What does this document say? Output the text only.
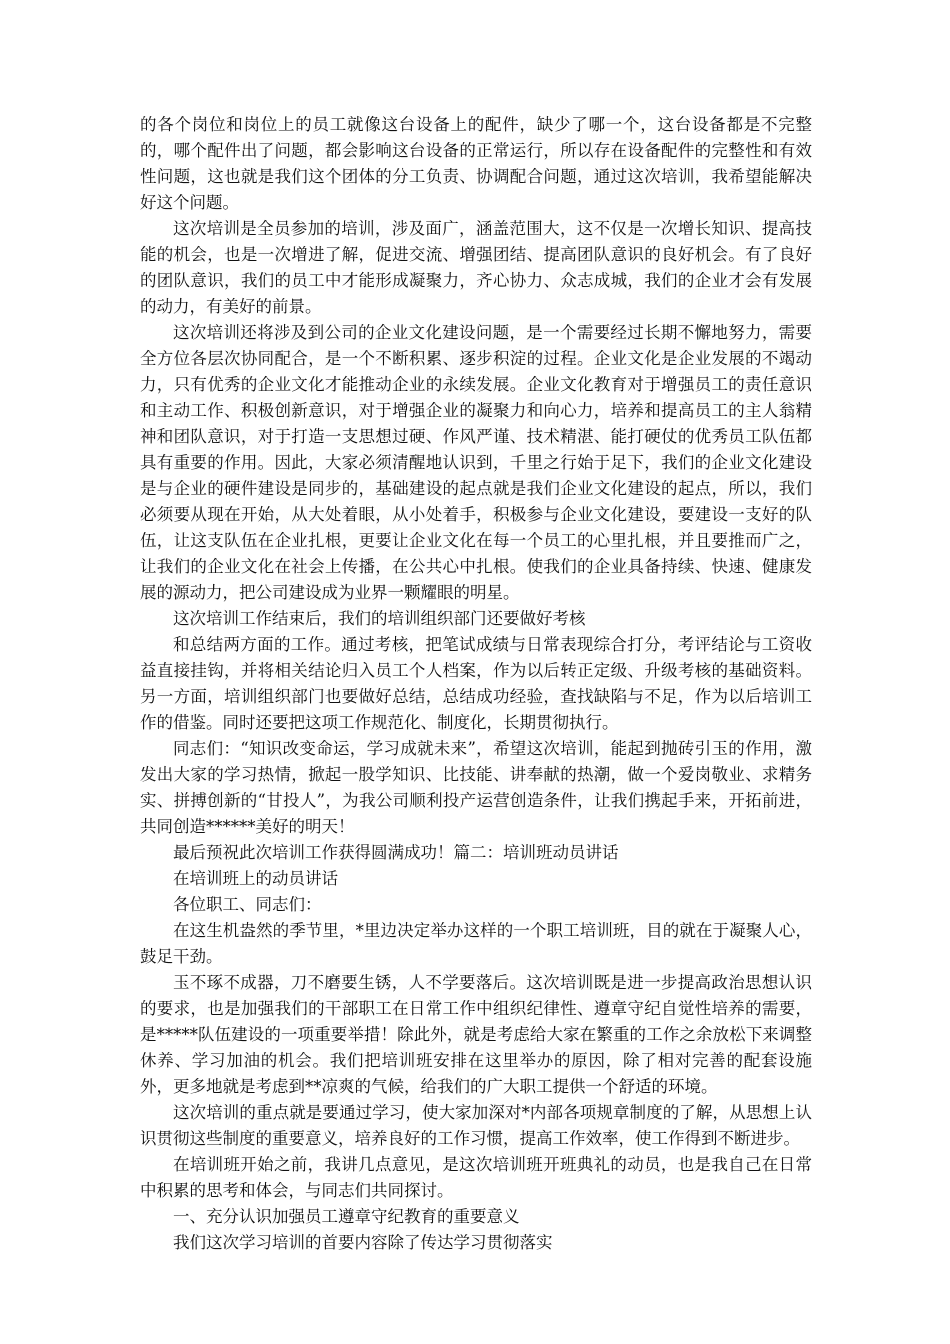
的各个岗位和岗位上的员工就像这台设备上的配件，缺少了哪一个，这台设备都是不完整的，哪个配件出了问题，都会影响这台设备的正常运行，所以存在设备配件的完整性和有效性问题，这也就是我们这个团体的分工负责、协调配合问题，通过这次培训，我希望能解决好这个问题。

这次培训是全员参加的培训，涉及面广，涵盖范围大，这不仅是一次增长知识、提高技能的机会，也是一次增进了解，促进交流、增强团结、提高团队意识的良好机会。有了良好的团队意识，我们的员工中才能形成凝聚力，齐心协力、众志成城，我们的企业才会有发展的动力，有美好的前景。

这次培训还将涉及到公司的企业文化建设问题，是一个需要经过长期不懈地努力，需要全方位各层次协同配合，是一个不断积累、逐步积淀的过程。企业文化是企业发展的不竭动力，只有优秀的企业文化才能推动企业的永续发展。企业文化教育对于增强员工的责任意识和主动工作、积极创新意识，对于增强企业的凝聚力和向心力，培养和提高员工的主人翁精神和团队意识，对于打造一支思想过硬、作风严谨、技术精湛、能打硬仗的优秀员工队伍都具有重要的作用。因此，大家必须清醒地认识到，千里之行始于足下，我们的企业文化建设是与企业的硬件建设是同步的，基础建设的起点就是我们企业文化建设的起点，所以，我们必须要从现在开始，从大处着眼，从小处着手，积极参与企业文化建设，要建设一支好的队伍，让这支队伍在企业扎根，更要让企业文化在每一个员工的心里扎根，并且要推而广之，让我们的企业文化在社会上传播，在公共心中扎根。使我们的企业具备持续、快速、健康发展的源动力，把公司建设成为业界一颗耀眼的明星。

这次培训工作结束后，我们的培训组织部门还要做好考核

和总结两方面的工作。通过考核，把笔试成绩与日常表现综合打分，考评结论与工资收益直接挂钩，并将相关结论归入员工个人档案，作为以后转正定级、升级考核的基础资料。另一方面，培训组织部门也要做好总结，总结成功经验，查找缺陷与不足，作为以后培训工作的借鉴。同时还要把这项工作规范化、制度化，长期贯彻执行。

同志们：“知识改变命运，学习成就未来”，希望这次培训，能起到抛砖引玉的作用，激发出大家的学习热情，掀起一股学知识、比技能、讲奉献的热潮，做一个爱岗敬业、求精务实、拼搏创新的“甘投人”，为我公司顺利投产运营创造条件，让我们携起手来，开拓前进，共同创造******美好的明天！

最后预祝此次培训工作获得圆满成功！篇二：培训班动员讲话

在培训班上的动员讲话

各位职工、同志们：

在这生机盎然的季节里，*里边决定举办这样的一个职工培训班，目的就在于凝聚人心，鼓足干劲。

玉不琢不成器，刀不磨要生锈，人不学要落后。这次培训既是进一步提高政治思想认识的要求，也是加强我们的干部职工在日常工作中组织纪律性、遵章守纪自觉性培养的需要，是*****队伍建设的一项重要举措！除此外，就是考虑给大家在繁重的工作之余放松下来调整休养、学习加油的机会。我们把培训班安排在这里举办的原因，除了相对完善的配套设施外，更多地就是考虑到**凉爽的气候，给我们的广大职工提供一个舒适的环境。

这次培训的重点就是要通过学习，使大家加深对*内部各项规章制度的了解，从思想上认识贯彻这些制度的重要意义，培养良好的工作习惯，提高工作效率，使工作得到不断进步。

在培训班开始之前，我讲几点意见，是这次培训班开班典礼的动员，也是我自己在日常中积累的思考和体会，与同志们共同探讨。

一、充分认识加强员工遵章守纪教育的重要意义

我们这次学习培训的首要内容除了传达学习贯彻落实
